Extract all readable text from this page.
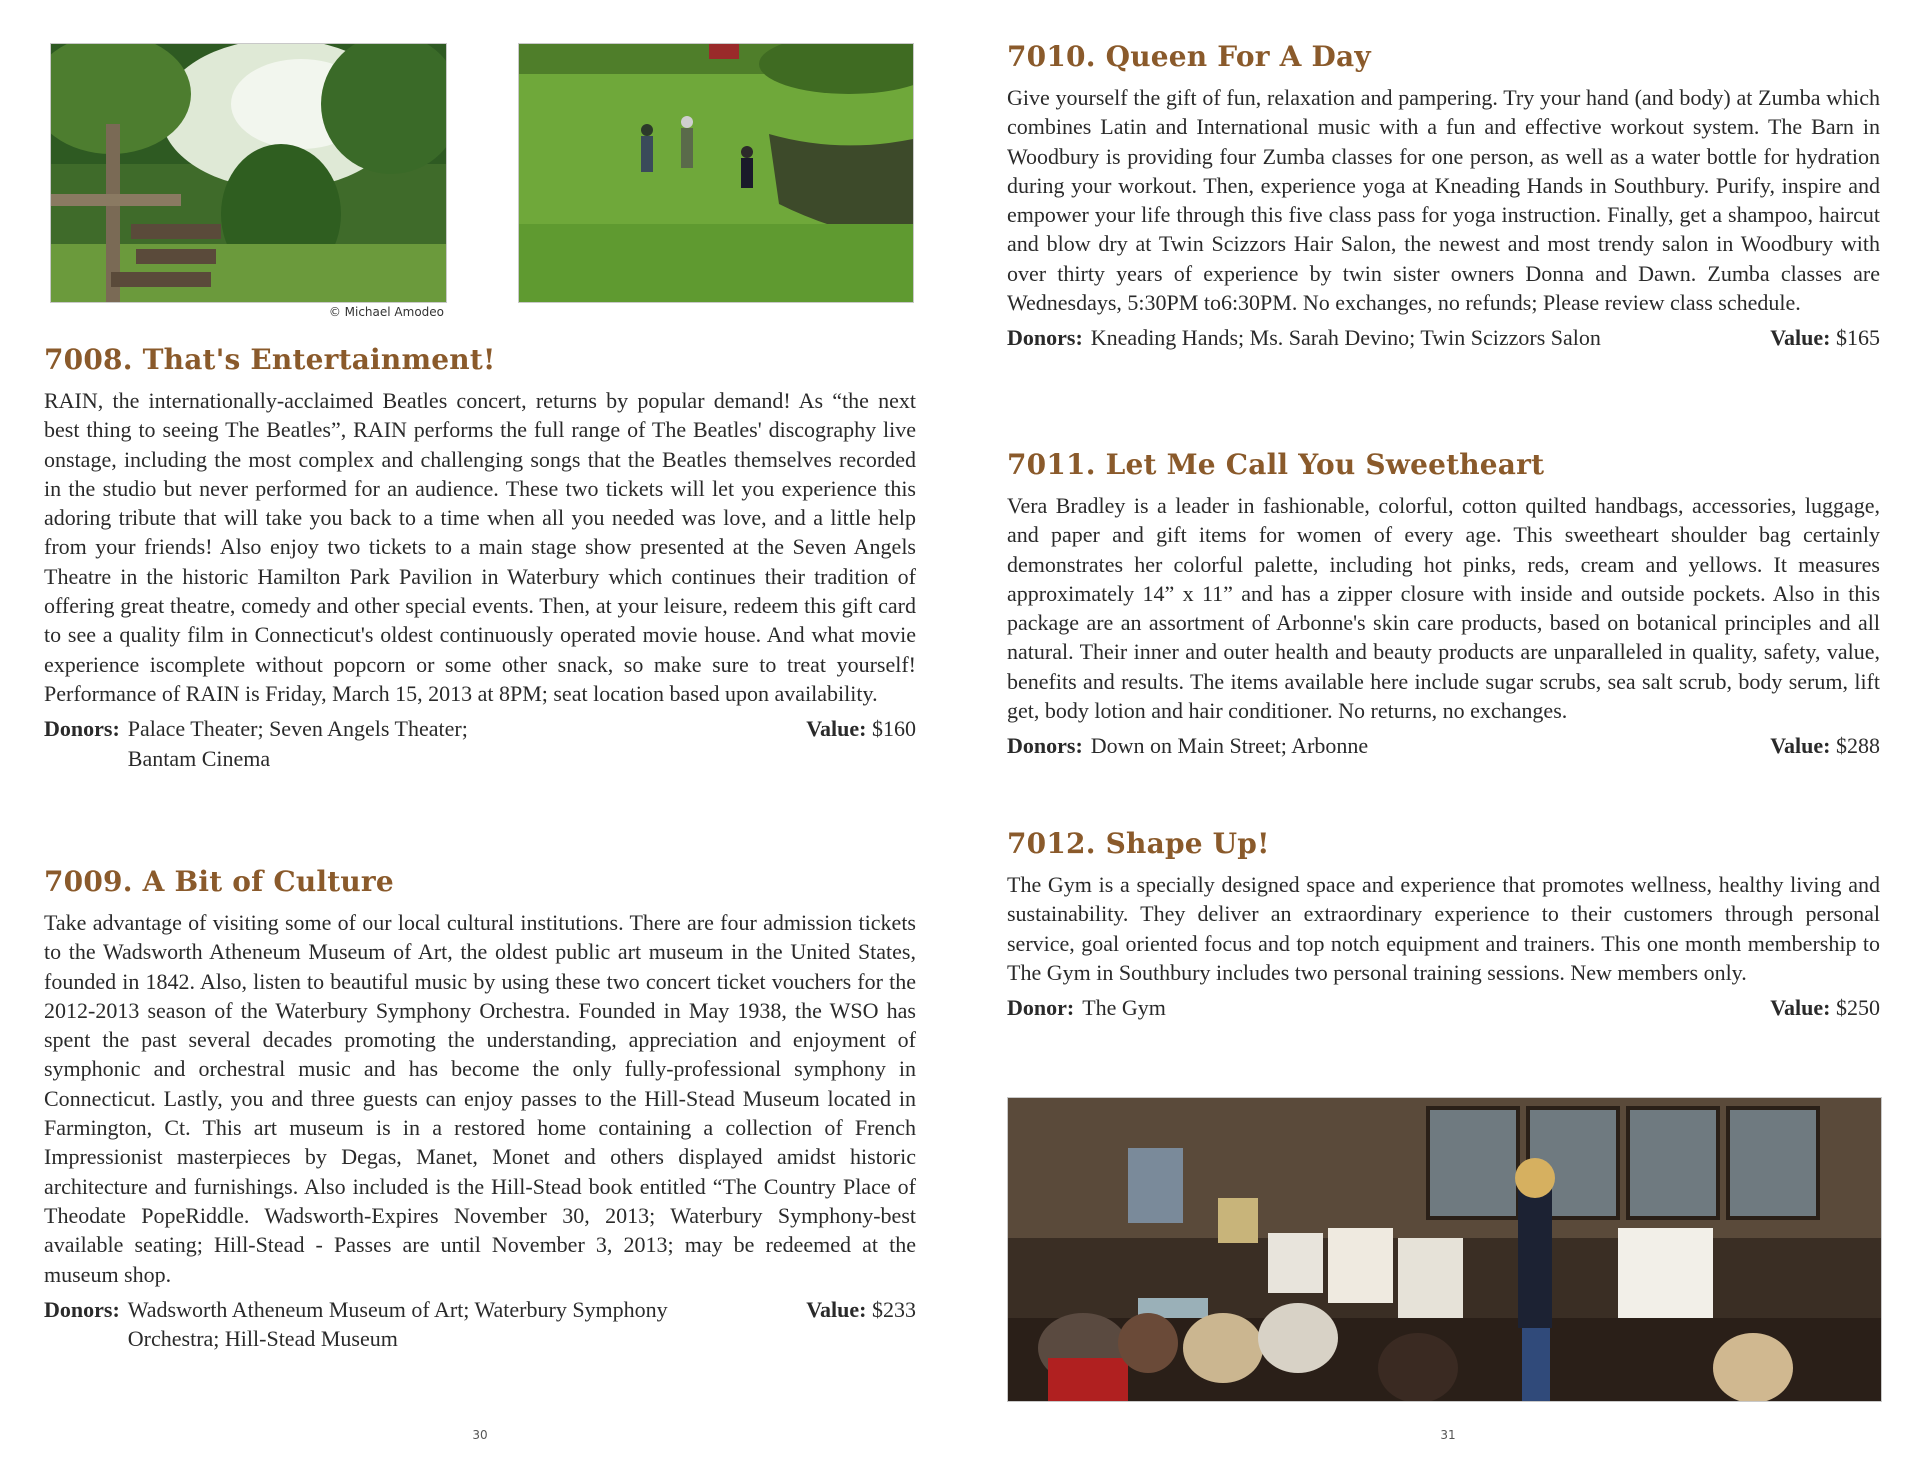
© Michael Amodeo
7008. That's Entertainment!

RAIN, the internationally-acclaimed Beatles concert, returns by popular demand! As “the next best thing to seeing The Beatles”, RAIN performs the full range of The Beatles' discography live onstage, including the most complex and challenging songs that the Beatles themselves recorded in the studio but never performed for an audience. These two tickets will let you experience this adoring tribute that will take you back to a time when all you needed was love, and a little help from your friends! Also enjoy two tickets to a main stage show presented at the Seven Angels Theatre in the historic Hamilton Park Pavilion in Waterbury which continues their tradition of offering great theatre, comedy and other special events. Then, at your leisure, redeem this gift card to see a quality film in Connecticut's oldest continuously operated movie house. And what movie experience iscomplete without popcorn or some other snack, so make sure to treat yourself! Performance of RAIN is Friday, March 15, 2013 at 8PM; seat location based upon availability.

Donors: Palace Theater; Seven Angels Theater; Bantam Cinema
Value: $160
7009. A Bit of Culture

Take advantage of visiting some of our local cultural institutions. There are four admission tickets to the Wadsworth Atheneum Museum of Art, the oldest public art museum in the United States, founded in 1842. Also, listen to beautiful music by using these two concert ticket vouchers for the 2012-2013 season of the Waterbury Symphony Orchestra. Founded in May 1938, the WSO has spent the past several decades promoting the understanding, appreciation and enjoyment of symphonic and orchestral music and has become the only fully-professional symphony in Connecticut. Lastly, you and three guests can enjoy passes to the Hill-Stead Museum located in Farmington, Ct. This art museum is in a restored home containing a collection of French Impressionist masterpieces by Degas, Manet, Monet and others displayed amidst historic architecture and furnishings. Also included is the Hill-Stead book entitled “The Country Place of Theodate PopeRiddle. Wadsworth-Expires November 30, 2013; Waterbury Symphony-best available seating; Hill-Stead - Passes are until November 3, 2013; may be redeemed at the museum shop.

Donors: Wadsworth Atheneum Museum of Art; Waterbury Symphony Orchestra; Hill-Stead Museum
Value: $233
30
7010. Queen For A Day

Give yourself the gift of fun, relaxation and pampering. Try your hand (and body) at Zumba which combines Latin and International music with a fun and effective workout system. The Barn in Woodbury is providing four Zumba classes for one person, as well as a water bottle for hydration during your workout. Then, experience yoga at Kneading Hands in Southbury. Purify, inspire and empower your life through this five class pass for yoga instruction. Finally, get a shampoo, haircut and blow dry at Twin Scizzors Hair Salon, the newest and most trendy salon in Woodbury with over thirty years of experience by twin sister owners Donna and Dawn. Zumba classes are Wednesdays, 5:30PM to6:30PM. No exchanges, no refunds; Please review class schedule.

Donors: Kneading Hands; Ms. Sarah Devino; Twin Scizzors Salon	Value: $165
7011. Let Me Call You Sweetheart

Vera Bradley is a leader in fashionable, colorful, cotton quilted handbags, accessories, luggage, and paper and gift items for women of every age. This sweetheart shoulder bag certainly demonstrates her colorful palette, including hot pinks, reds, cream and yellows. It measures approximately 14” x 11” and has a zipper closure with inside and outside pockets. Also in this package are an assortment of Arbonne's skin care products, based on botanical principles and all natural. Their inner and outer health and beauty products are unparalleled in quality, safety, value, benefits and results. The items available here include sugar scrubs, sea salt scrub, body serum, lift get, body lotion and hair conditioner. No returns, no exchanges.

Donors: Down on Main Street; Arbonne	Value: $288
7012. Shape Up!

The Gym is a specially designed space and experience that promotes wellness, healthy living and sustainability. They deliver an extraordinary experience to their customers through personal service, goal oriented focus and top notch equipment and trainers. This one month membership to The Gym in Southbury includes two personal training sessions. New members only.

Donor: The Gym	Value: $250
31
